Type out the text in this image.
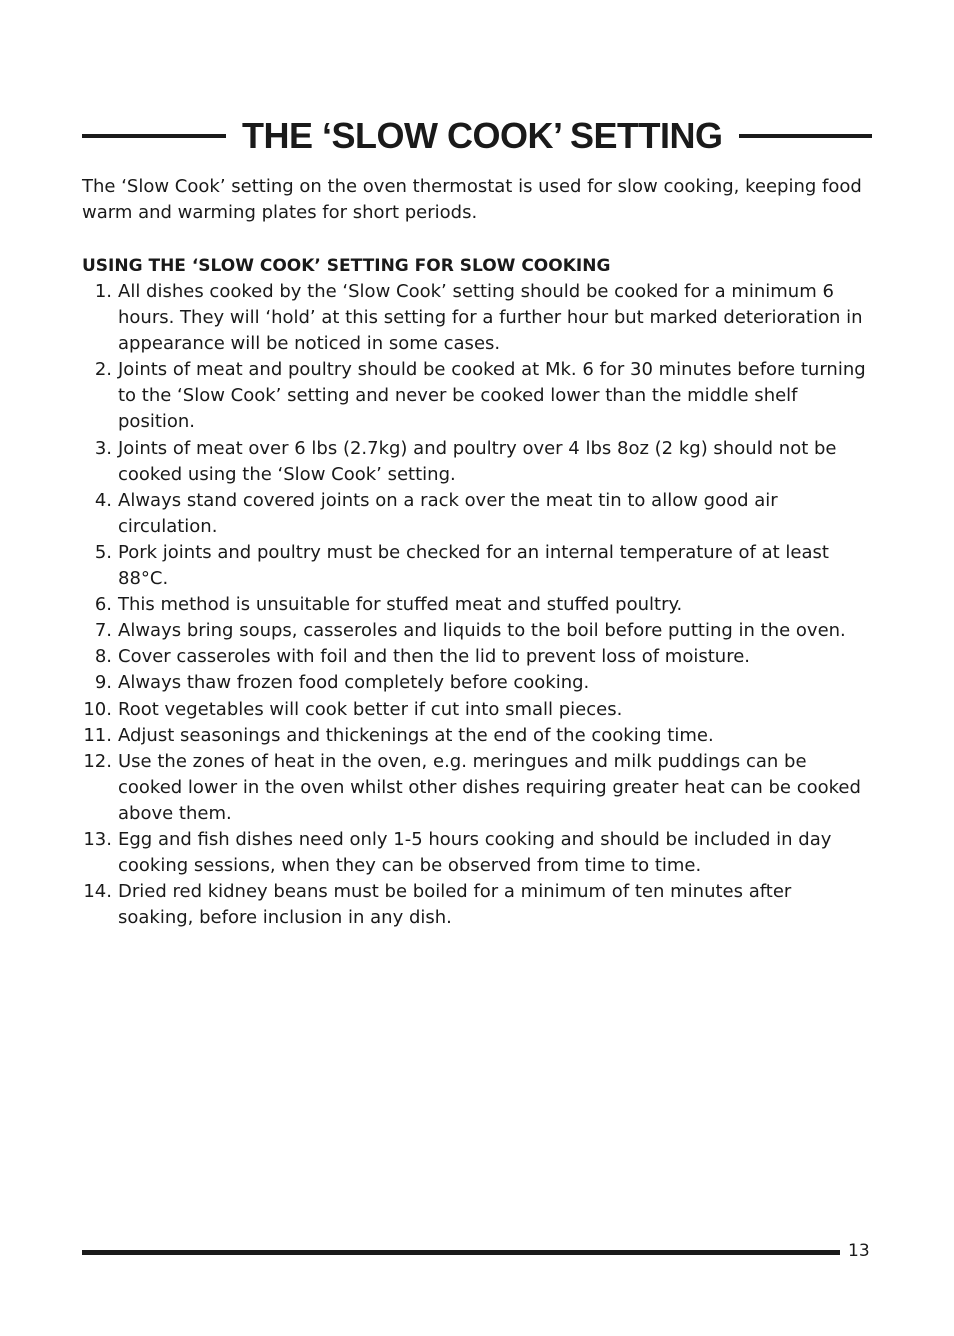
THE ‘SLOW COOK’ SETTING

The ‘Slow Cook’ setting on the oven thermostat is used for slow cooking, keeping food warm and warming plates for short periods.

USING THE ‘SLOW COOK’ SETTING FOR SLOW COOKING
1. All dishes cooked by the ‘Slow Cook’ setting should be cooked for a minimum 6 hours. They will ‘hold’ at this setting for a further hour but marked deterioration in appearance will be noticed in some cases.
2. Joints of meat and poultry should be cooked at Mk. 6 for 30 minutes before turning to the ‘Slow Cook’ setting and never be cooked lower than the middle shelf position.
3. Joints of meat over 6 lbs (2.7kg) and poultry over 4 lbs 8oz (2 kg) should not be cooked using the ‘Slow Cook’ setting.
4. Always stand covered joints on a rack over the meat tin to allow good air circulation.
5. Pork joints and poultry must be checked for an internal temperature of at least 88°C.
6. This method is unsuitable for stuffed meat and stuffed poultry.
7. Always bring soups, casseroles and liquids to the boil before putting in the oven.
8. Cover casseroles with foil and then the lid to prevent loss of moisture.
9. Always thaw frozen food completely before cooking.
10. Root vegetables will cook better if cut into small pieces.
11. Adjust seasonings and thickenings at the end of the cooking time.
12. Use the zones of heat in the oven, e.g. meringues and milk puddings can be cooked lower in the oven whilst other dishes requiring greater heat can be cooked above them.
13. Egg and fish dishes need only 1-5 hours cooking and should be included in day cooking sessions, when they can be observed from time to time.
14. Dried red kidney beans must be boiled for a minimum of ten minutes after soaking, before inclusion in any dish.
13
